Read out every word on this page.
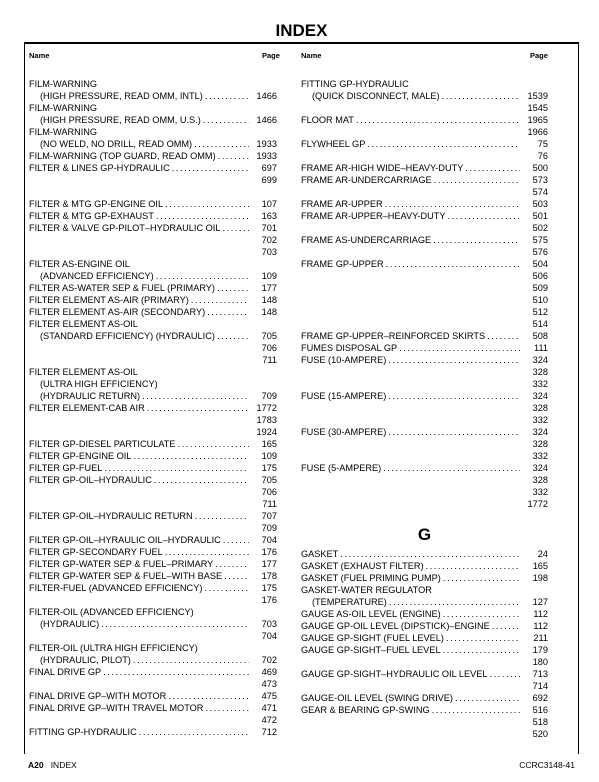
INDEX
Name	Page	Name	Page
FILM-WARNING
(HIGH PRESSURE, READ OMM, INTL) . . .	1466
FILM-WARNING
(HIGH PRESSURE, READ OMM, U.S.) . . .	1466
FILM-WARNING
(NO WELD, NO DRILL, READ OMM) . . .	1933
FILM-WARNING (TOP GUARD, READ OMM) . . .	1933
FILTER & LINES GP-HYDRAULIC . . .	697
699
FILTER & MTG GP-ENGINE OIL . . .	107
FILTER & MTG GP-EXHAUST . . .	163
FILTER & VALVE GP-PILOT–HYDRAULIC OIL . . .	701
702
703
FILTER AS-ENGINE OIL
(ADVANCED EFFICIENCY) . . .	109
FILTER AS-WATER SEP & FUEL (PRIMARY) . . .	177
FILTER ELEMENT AS-AIR (PRIMARY) . . .	148
FILTER ELEMENT AS-AIR (SECONDARY) . . .	148
FILTER ELEMENT AS-OIL
(STANDARD EFFICIENCY) (HYDRAULIC) . . .	705
706
711
FILTER ELEMENT AS-OIL
(ULTRA HIGH EFFICIENCY)
(HYDRAULIC RETURN) . . .	709
FILTER ELEMENT-CAB AIR . . .	1772
1783
1924
FILTER GP-DIESEL PARTICULATE . . .	165
FILTER GP-ENGINE OIL . . .	109
FILTER GP-FUEL . . .	175
FILTER GP-OIL–HYDRAULIC . . .	705
706
711
FILTER GP-OIL–HYDRAULIC RETURN . . .	707
709
FILTER GP-OIL–HYRAULIC OIL–HYDRAULIC . . .	704
FILTER GP-SECONDARY FUEL . . .	176
FILTER GP-WATER SEP & FUEL–PRIMARY . . .	177
FILTER GP-WATER SEP & FUEL–WITH BASE . . .	178
FILTER-FUEL (ADVANCED EFFICIENCY) . . .	175
176
FILTER-OIL (ADVANCED EFFICIENCY)
(HYDRAULIC) . . .	703
704
FILTER-OIL (ULTRA HIGH EFFICIENCY)
(HYDRAULIC, PILOT) . . .	702
FINAL DRIVE GP . . .	469
473
FINAL DRIVE GP–WITH MOTOR . . .	475
FINAL DRIVE GP–WITH TRAVEL MOTOR . . .	471
472
FITTING GP-HYDRAULIC . . .	712
FITTING GP-HYDRAULIC
(QUICK DISCONNECT, MALE) . . .	1539
1545
FLOOR MAT . . .	1965
1966
FLYWHEEL GP . . .	75
76
FRAME AR-HIGH WIDE–HEAVY-DUTY . . .	500
FRAME AR-UNDERCARRIAGE . . .	573
574
FRAME AR-UPPER . . .	503
FRAME AR-UPPER–HEAVY-DUTY . . .	501
502
FRAME AS-UNDERCARRIAGE . . .	575
576
FRAME GP-UPPER . . .	504
506
509
510
512
514
FRAME GP-UPPER–REINFORCED SKIRTS . . .	508
FUMES DISPOSAL GP . . .	111
FUSE (10-AMPERE) . . .	324
328
332
FUSE (15-AMPERE) . . .	324
328
332
FUSE (30-AMPERE) . . .	324
328
332
FUSE (5-AMPERE) . . .	324
328
332
1772
G
GASKET . . .	24
GASKET (EXHAUST FILTER) . . .	165
GASKET (FUEL PRIMING PUMP) . . .	198
GASKET-WATER REGULATOR
(TEMPERATURE) . . .	127
GAUGE AS-OIL LEVEL (ENGINE) . . .	112
GAUGE GP-OIL LEVEL (DIPSTICK)–ENGINE . . .	112
GAUGE GP-SIGHT (FUEL LEVEL) . . .	211
GAUGE GP-SIGHT–FUEL LEVEL . . .	179
180
GAUGE GP-SIGHT–HYDRAULIC OIL LEVEL . . .	713
714
GAUGE-OIL LEVEL (SWING DRIVE) . . .	692
GEAR & BEARING GP-SWING . . .	516
518
520
A20 INDEX	CCRC3148-41
